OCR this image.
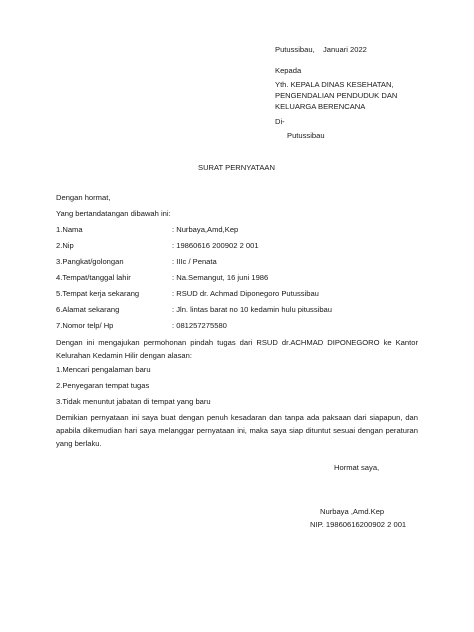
Putussibau, Januari 2022
Kepada
Yth. KEPALA DINAS KESEHATAN,
PENGENDALIAN PENDUDUK DAN
KELUARGA BERENCANA
Di-
Putussibau
SURAT PERNYATAAN
Dengan hormat,
Yang bertandatangan dibawah ini:
1.Nama	: Nurbaya,Amd,Kep
2.Nip	: 19860616 200902 2 001
3.Pangkat/golongan	: IIIc / Penata
4.Tempat/tanggal lahir	: Na.Semangut, 16 juni 1986
5.Tempat kerja sekarang	: RSUD dr. Achmad Diponegoro Putussibau
6.Alamat sekarang	: Jln. lintas barat no 10 kedamin hulu pitussibau
7.Nomor telp/ Hp	: 081257275580
Dengan ini mengajukan permohonan pindah tugas dari RSUD dr.ACHMAD DIPONEGORO ke Kantor Kelurahan Kedamin Hilir dengan alasan:
1.Mencari pengalaman baru
2.Penyegaran tempat tugas
3.Tidak menuntut jabatan di tempat yang baru
Demikian pernyataan ini saya buat dengan penuh kesadaran dan tanpa ada paksaan dari siapapun, dan apabila dikemudian hari saya melanggar pernyataan ini, maka saya siap dituntut sesuai dengan peraturan yang berlaku.
Hormat saya,
Nurbaya ,Amd.Kep
NIP. 19860616200902 2 001
